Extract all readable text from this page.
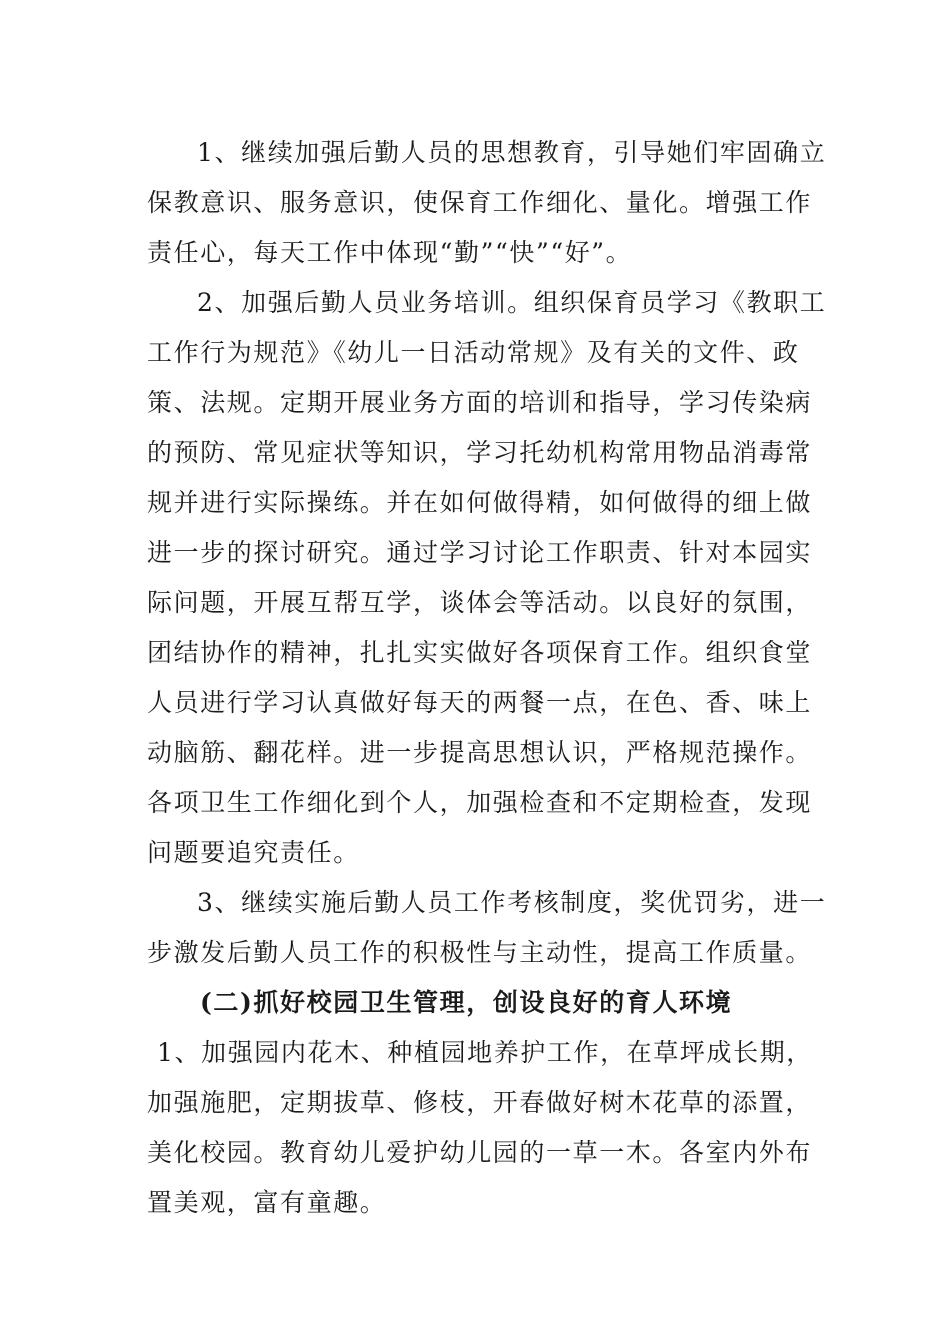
1、继续加强后勤人员的思想教育，引导她们牢固确立
保教意识、服务意识，使保育工作细化、量化。增强工作
责任心，每天工作中体现“勤”“快”“好”。
2、加强后勤人员业务培训。组织保育员学习《教职工
工作行为规范》《幼儿一日活动常规》及有关的文件、政
策、法规。定期开展业务方面的培训和指导，学习传染病
的预防、常见症状等知识，学习托幼机构常用物品消毒常
规并进行实际操练。并在如何做得精，如何做得的细上做
进一步的探讨研究。通过学习讨论工作职责、针对本园实
际问题，开展互帮互学，谈体会等活动。以良好的氛围，
团结协作的精神，扎扎实实做好各项保育工作。组织食堂
人员进行学习认真做好每天的两餐一点，在色、香、味上
动脑筋、翻花样。进一步提高思想认识，严格规范操作。
各项卫生工作细化到个人，加强检查和不定期检查，发现
问题要追究责任。
3、继续实施后勤人员工作考核制度，奖优罚劣，进一
步激发后勤人员工作的积极性与主动性，提高工作质量。
(二)抓好校园卫生管理，创设良好的育人环境
1、加强园内花木、种植园地养护工作，在草坪成长期，
加强施肥，定期拔草、修枝，开春做好树木花草的添置，
美化校园。教育幼儿爱护幼儿园的一草一木。各室内外布
置美观，富有童趣。
